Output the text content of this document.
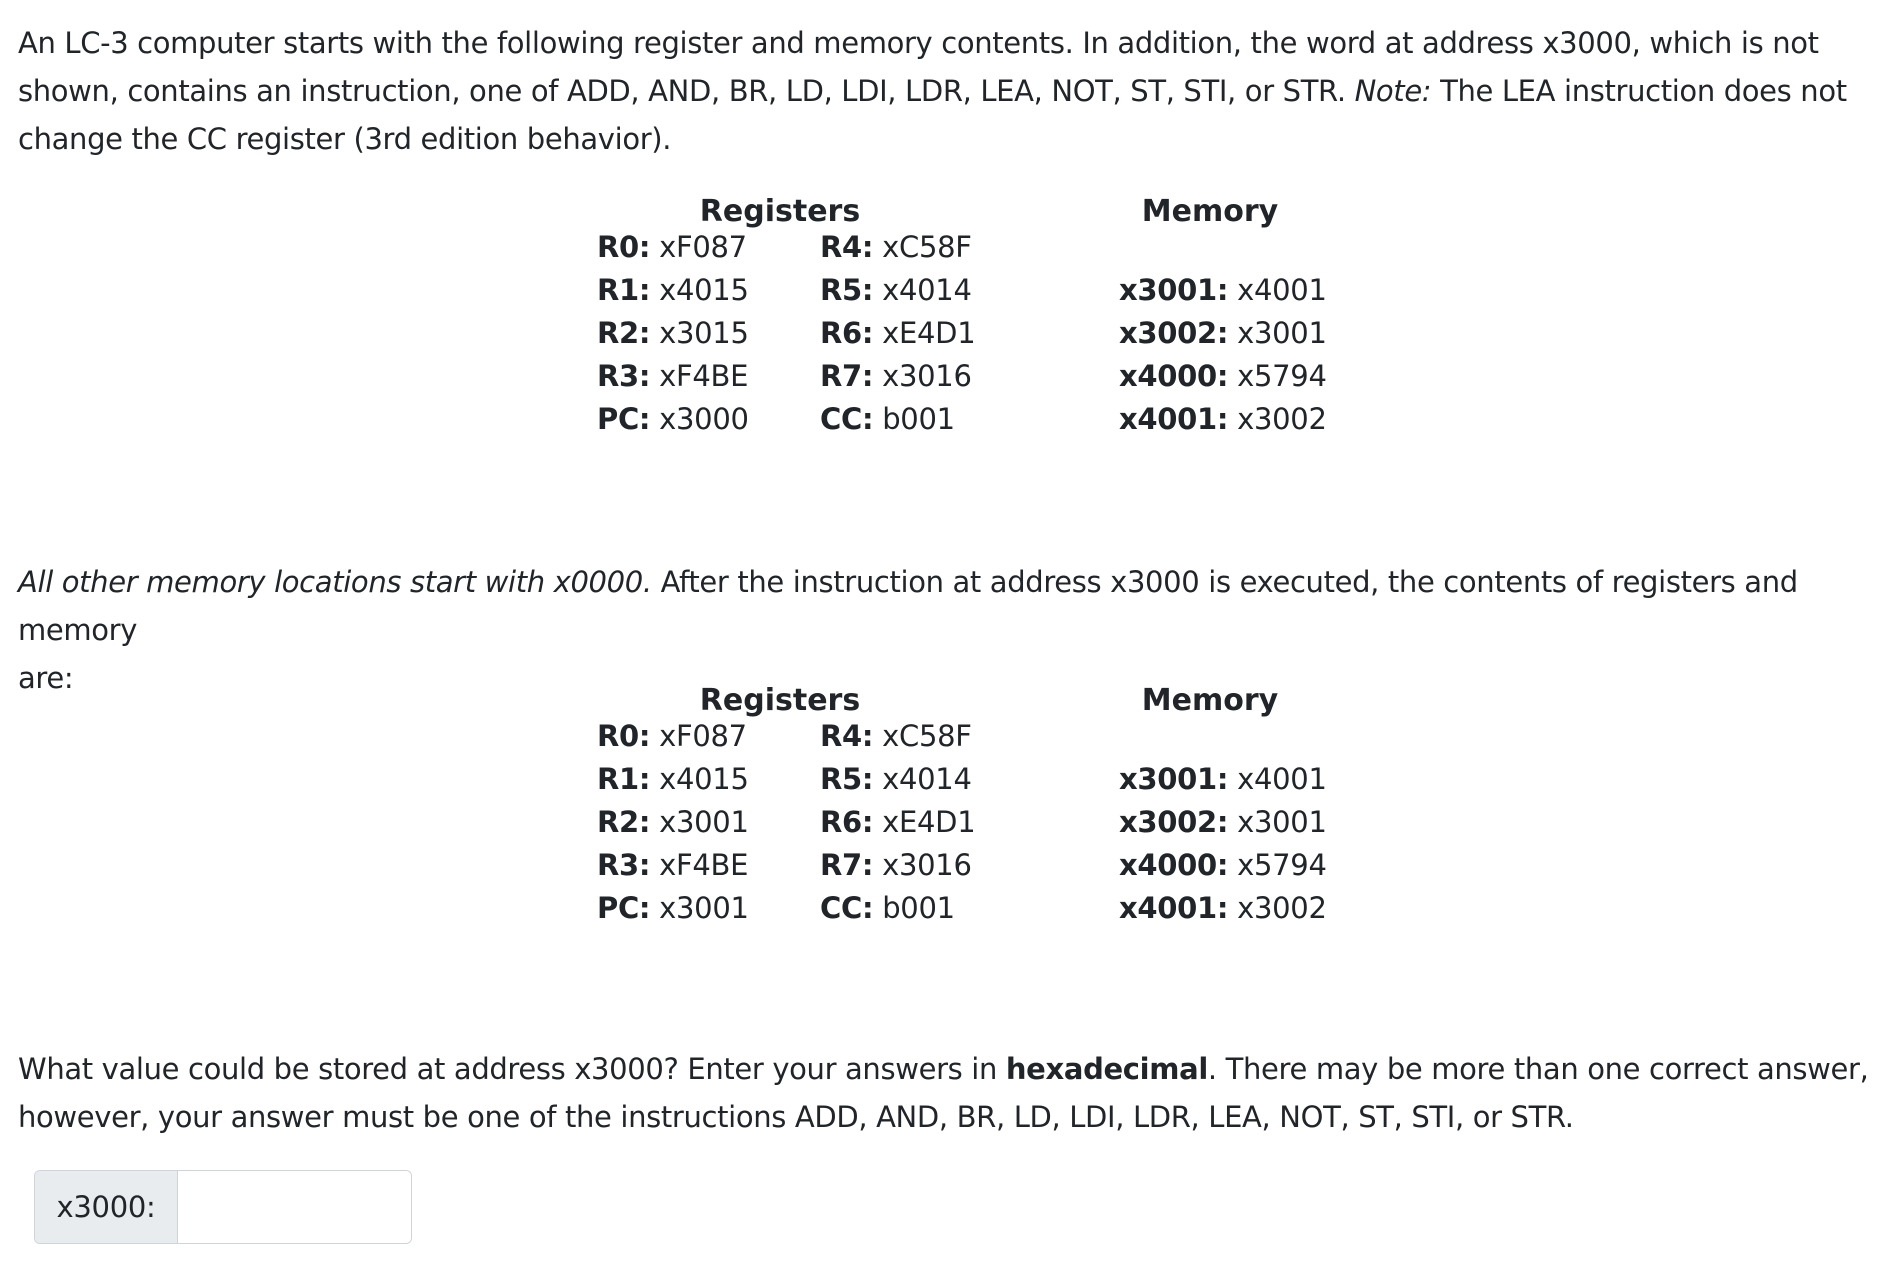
An LC-3 computer starts with the following register and memory contents. In addition, the word at address x3000, which is not
shown, contains an instruction, one of ADD, AND, BR, LD, LDI, LDR, LEA, NOT, ST, STI, or STR. Note: The LEA instruction does not
change the CC register (3rd edition behavior).

Registers	Memory
R0: xF087
R1: x4015
R2: x3015
R3: xF4BE
PC: x3000
R4: xC58F
R5: x4014
R6: xE4D1
R7: x3016
CC: b001
x3001: x4001
x3002: x3001
x4000: x5794
x4001: x3002

All other memory locations start with x0000. After the instruction at address x3000 is executed, the contents of registers and memory
are:

Registers	Memory
R0: xF087
R1: x4015
R2: x3001
R3: xF4BE
PC: x3001
R4: xC58F
R5: x4014
R6: xE4D1
R7: x3016
CC: b001
x3001: x4001
x3002: x3001
x4000: x5794
x4001: x3002

What value could be stored at address x3000? Enter your answers in hexadecimal. There may be more than one correct answer,
however, your answer must be one of the instructions ADD, AND, BR, LD, LDI, LDR, LEA, NOT, ST, STI, or STR.

x3000:
